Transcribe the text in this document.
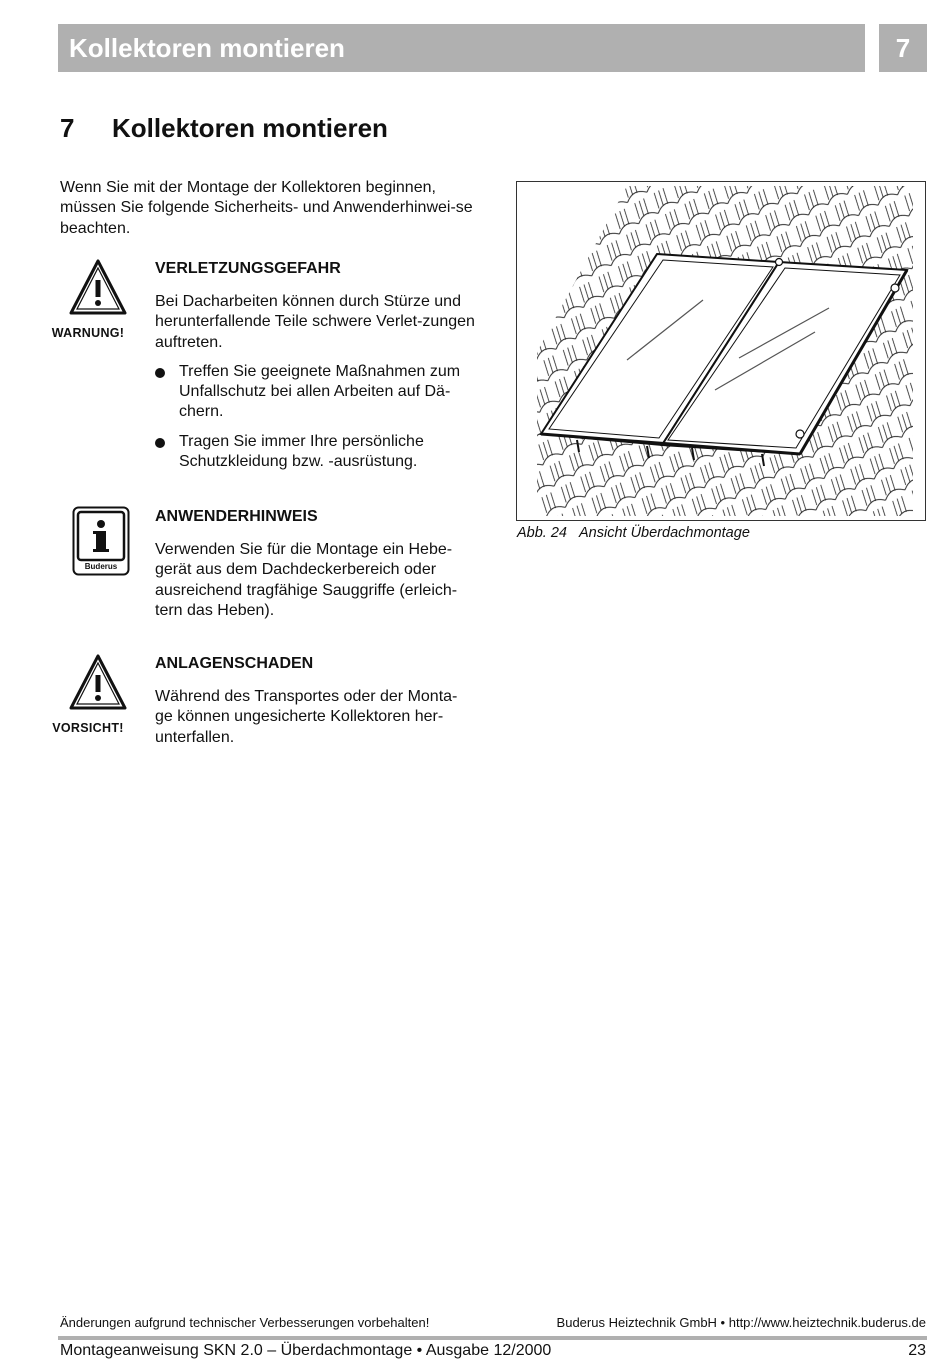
Kollektoren montieren	7
7 Kollektoren montieren
Wenn Sie mit der Montage der Kollektoren beginnen, müssen Sie folgende Sicherheits- und Anwenderhinwei-se beachten.
WARNUNG!
VERLETZUNGSGEFAHR
Bei Dacharbeiten können durch Stürze und herunterfallende Teile schwere Verlet-zungen auftreten.
Treffen Sie geeignete Maßnahmen zum Unfallschutz bei allen Arbeiten auf Dä-chern.
Tragen Sie immer Ihre persönliche Schutzkleidung bzw. -ausrüstung.
Buderus
ANWENDERHINWEIS
Verwenden Sie für die Montage ein Hebe-gerät aus dem Dachdeckerbereich oder ausreichend tragfähige Sauggriffe (erleich-tern das Heben).
VORSICHT!
ANLAGENSCHADEN
Während des Transportes oder der Monta-ge können ungesicherte Kollektoren her-unterfallen.
Abb. 24 Ansicht Überdachmontage
Änderungen aufgrund technischer Verbesserungen vorbehalten!	Buderus Heiztechnik GmbH • http://www.heiztechnik.buderus.de
Montageanweisung SKN 2.0 – Überdachmontage • Ausgabe 12/2000	23
